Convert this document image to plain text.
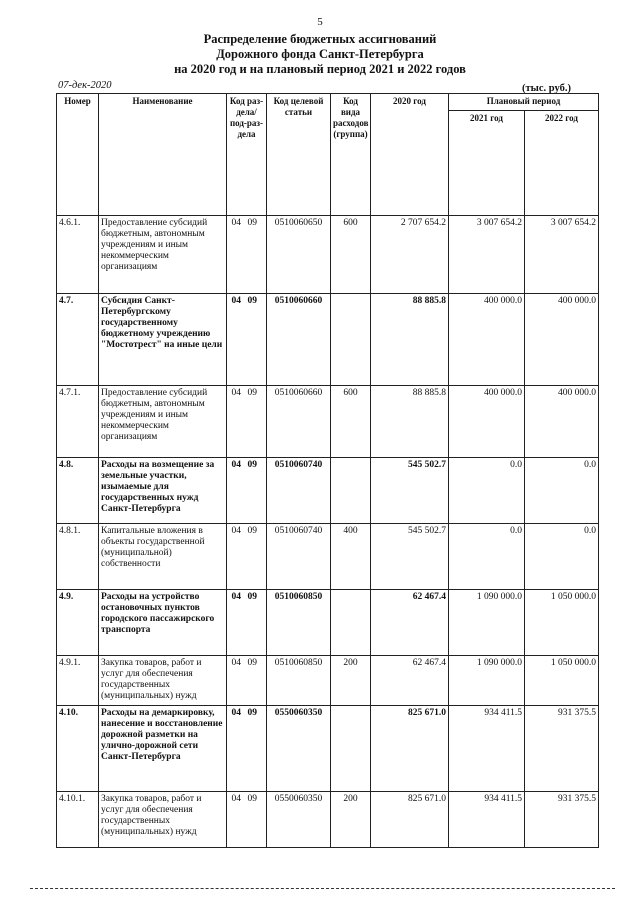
5
Распределение бюджетных ассигнований
Дорожного фонда Санкт-Петербурга
на 2020 год и на плановый период 2021 и 2022 годов
07-дек-2020	(тыс. руб.)
Номер	Наименование	Код раз-дела/ под-раз-дела	Код целевой статьи	Код вида расходов (группа)	2020 год	Плановый период	
						2021 год	2022 год
4.6.1.	Предоставление субсидий бюджетным, автономным учреждениям и иным некоммерческим организациям	04 09	0510060650	600	2 707 654.2	3 007 654.2	3 007 654.2
4.7.	Субсидия Санкт-Петербургскому государственному бюджетному учреждению "Мостотрест" на иные цели	04 09	0510060660		88 885.8	400 000.0	400 000.0
4.7.1.	Предоставление субсидий бюджетным, автономным учреждениям и иным некоммерческим организациям	04 09	0510060660	600	88 885.8	400 000.0	400 000.0
4.8.	Расходы на возмещение за земельные участки, изымаемые для государственных нужд Санкт-Петербурга	04 09	0510060740		545 502.7	0.0	0.0
4.8.1.	Капитальные вложения в объекты государственной (муниципальной) собственности	04 09	0510060740	400	545 502.7	0.0	0.0
4.9.	Расходы на устройство остановочных пунктов городского пассажирского транспорта	04 09	0510060850		62 467.4	1 090 000.0	1 050 000.0
4.9.1.	Закупка товаров, работ и услуг для обеспечения государственных (муниципальных) нужд	04 09	0510060850	200	62 467.4	1 090 000.0	1 050 000.0
4.10.	Расходы на демаркировку, нанесение и восстановление дорожной разметки на улично-дорожной сети Санкт-Петербурга	04 09	0550060350		825 671.0	934 411.5	931 375.5
4.10.1.	Закупка товаров, работ и услуг для обеспечения государственных (муниципальных) нужд	04 09	0550060350	200	825 671.0	934 411.5	931 375.5
